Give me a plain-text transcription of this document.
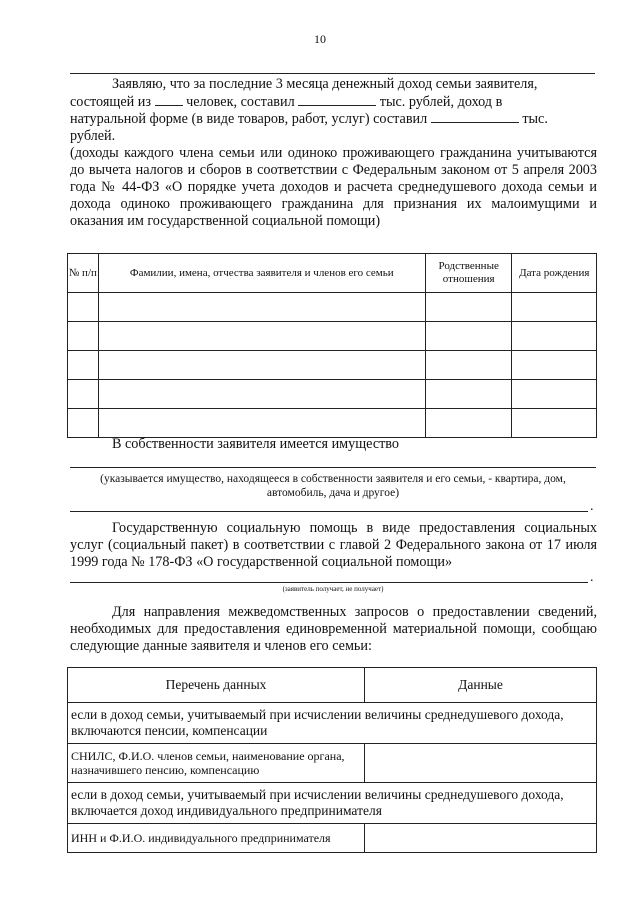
10
Заявляю, что за последние 3 месяца денежный доход семьи заявителя,
состоящей из человек, составил	тыс. рублей, доход в
натуральной форме (в виде товаров, работ, услуг) составил	тыс.
рублей.
(доходы каждого члена семьи или одиноко проживающего гражданина учитываются до вычета налогов и сборов в соответствии с Федеральным законом от 5 апреля 2003 года № 44-ФЗ «О порядке учета доходов и расчета среднедушевого дохода семьи и дохода одиноко проживающего гражданина для признания их малоимущими и оказания им государственной социальной помощи)
№ п/п	Фамилии, имена, отчества заявителя и членов его семьи	Родственные отношения	Дата рождения

В собственности заявителя имеется имущество
(указывается имущество, находящееся в собственности заявителя и его семьи, - квартира, дом, автомобиль, дача и другое)
.
Государственную социальную помощь в виде предоставления социальных услуг (социальный пакет) в соответствии с главой 2 Федерального закона от 17 июля 1999 года № 178-ФЗ «О государственной социальной помощи»
.
(заявитель получает, не получает)
Для направления межведомственных запросов о предоставлении сведений, необходимых для предоставления единовременной материальной помощи, сообщаю следующие данные заявителя и членов его семьи:
Перечень данных	Данные
если в доход семьи, учитываемый при исчислении величины среднедушевого дохода, включаются пенсии, компенсации	
СНИЛС, Ф.И.О. членов семьи, наименование органа, назначившего пенсию, компенсацию	
если в доход семьи, учитываемый при исчислении величины среднедушевого дохода, включается доход индивидуального предпринимателя	
ИНН и Ф.И.О. индивидуального предпринимателя	
